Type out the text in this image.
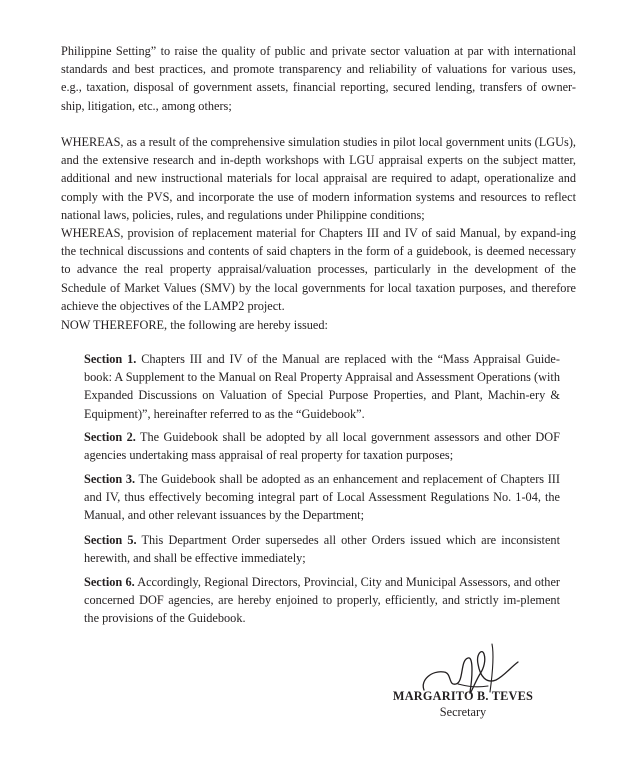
Philippine Setting” to raise the quality of public and private sector valuation at par with international standards and best practices, and promote transparency and reliability of valuations for various uses, e.g., taxation, disposal of government assets, financial reporting, secured lending, transfers of owner-ship, litigation, etc., among others;

WHEREAS, as a result of the comprehensive simulation studies in pilot local government units (LGUs), and the extensive research and in-depth workshops with LGU appraisal experts on the subject matter, additional and new instructional materials for local appraisal are required to adapt, operationalize and comply with the PVS, and incorporate the use of modern information systems and resources to reflect national laws, policies, rules, and regulations under Philippine conditions;

WHEREAS, provision of replacement material for Chapters III and IV of said Manual, by expand-ing the technical discussions and contents of said chapters in the form of a guidebook, is deemed necessary to advance the real property appraisal/valuation processes, particularly in the development of the Schedule of Market Values (SMV) by the local governments for local taxation purposes, and therefore achieve the objectives of the LAMP2 project.

NOW THEREFORE, the following are hereby issued:

Section 1. Chapters III and IV of the Manual are replaced with the “Mass Appraisal Guide-book: A Supplement to the Manual on Real Property Appraisal and Assessment Operations (with Expanded Discussions on Valuation of Special Purpose Properties, and Plant, Machin-ery & Equipment)”, hereinafter referred to as the “Guidebook”.

Section 2. The Guidebook shall be adopted by all local government assessors and other DOF agencies undertaking mass appraisal of real property for taxation purposes;

Section 3. The Guidebook shall be adopted as an enhancement and replacement of Chapters III and IV, thus effectively becoming integral part of Local Assessment Regulations No. 1-04, the Manual, and other relevant issuances by the Department;

Section 5. This Department Order supersedes all other Orders issued which are inconsistent herewith, and shall be effective immediately;

Section 6. Accordingly, Regional Directors, Provincial, City and Municipal Assessors, and other concerned DOF agencies, are hereby enjoined to properly, efficiently, and strictly im-plement the provisions of the Guidebook.

MARGARITO B. TEVES
Secretary
